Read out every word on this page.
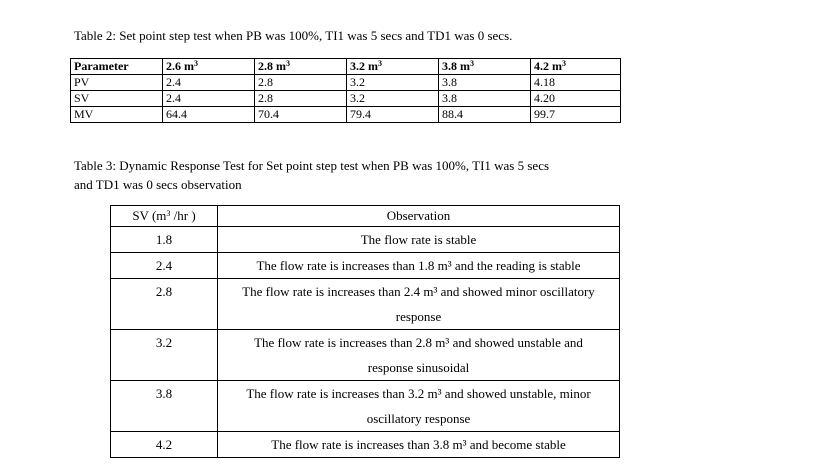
Table 2: Set point step test when PB was 100%, TI1 was 5 secs and TD1 was 0 secs.
Parameter	2.6 $m^3$	2.8 $m^3$	3.2 $m^3$	3.8 $m^3$	4.2 $m^3$
PV	2.4	2.8	3.2	3.8	4.18
SV	2.4	2.8	3.2	3.8	4.20
MV	64.4	70.4	79.4	88.4	99.7
Table 3: Dynamic Response Test for Set point step test when PB was 100%, TI1 was 5 secs
and TD1 was 0 secs observation
SV ($m^3$ /hr )	Observation
1.8	The flow rate is stable
2.4	The flow rate is increases than 1.8 m³ and the reading is stable
2.8	The flow rate is increases than 2.4 m³ and showed minor oscillatory
response
3.2	The flow rate is increases than 2.8 m³ and showed unstable and
response sinusoidal
3.8	The flow rate is increases than 3.2 m³ and showed unstable, minor
oscillatory response
4.2	The flow rate is increases than 3.8 m³ and become stable
